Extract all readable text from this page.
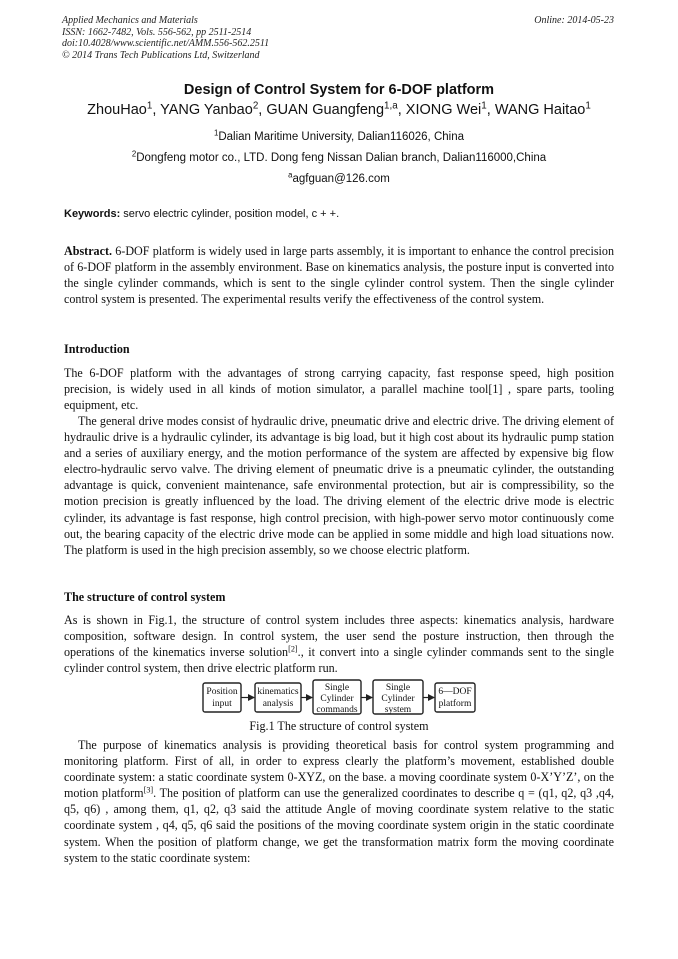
Applied Mechanics and Materials
ISSN: 1662-7482, Vols. 556-562, pp 2511-2514
doi:10.4028/www.scientific.net/AMM.556-562.2511
© 2014 Trans Tech Publications Ltd, Switzerland
Online: 2014-05-23
Design of Control System for 6-DOF platform
ZhouHao$^1$, YANG Yanbao$^2$, GUAN Guangfeng$^{1,a}$, XIONG Wei$^1$, WANG Haitao$^1$
$^1$Dalian Maritime University, Dalian116026, China
$^2$Dongfeng motor co., LTD. Dong feng Nissan Dalian branch, Dalian116000,China
$^a$agfguan@126.com
Keywords: servo electric cylinder, position model, c + +.

Abstract. 6-DOF platform is widely used in large parts assembly, it is important to enhance the control precision of 6-DOF platform in the assembly environment. Base on kinematics analysis, the posture input is converted into the single cylinder commands, which is sent to the single cylinder control system. Then the single cylinder control system is presented. The experimental results verify the effectiveness of the control system.

Introduction

The 6-DOF platform with the advantages of strong carrying capacity, fast response speed, high position precision, is widely used in all kinds of motion simulator, a parallel machine tool[1] , spare parts, tooling equipment, etc.

The general drive modes consist of hydraulic drive, pneumatic drive and electric drive. The driving element of hydraulic drive is a hydraulic cylinder, its advantage is big load, but it high cost about its hydraulic pump station and a series of auxiliary energy, and the motion performance of the system are affected by expensive big flow electro-hydraulic servo valve. The driving element of pneumatic drive is a pneumatic cylinder, the outstanding advantage is quick, convenient maintenance, safe environmental protection, but air is compressibility, so the motion precision is greatly influenced by the load. The driving element of the electric drive mode is electric cylinder, its advantage is fast response, high control precision, with high-power servo motor continuously come out, the bearing capacity of the electric drive mode can be applied in some middle and high load situations now. The platform is used in the high precision assembly, so we choose electric platform.

The structure of control system

As is shown in Fig.1, the structure of control system includes three aspects: kinematics analysis, hardware composition, software design. In control system, the user send the posture instruction, then through the operations of the kinematics inverse solution[2]., it convert into a single cylinder commands sent to the single cylinder control system, then drive electric platform run.

Position
input
kinematics
analysis
Single
Cylinder
commands
Single
Cylinder
system
6—DOF
platform
Fig.1 The structure of control system

The purpose of kinematics analysis is providing theoretical basis for control system programming and monitoring platform. First of all, in order to express clearly the platform’s movement, established double coordinate system: a static coordinate system 0-XYZ, on the base. a moving coordinate system 0-X’Y’Z’, on the motion platform[3]. The position of platform can use the generalized coordinates to describe q = (q1, q2, q3 ,q4, q5, q6) , among them, q1, q2, q3 said the attitude Angle of moving coordinate system relative to the static coordinate system , q4, q5, q6 said the positions of the moving coordinate system origin in the static coordinate system. When the position of platform change, we get the transformation matrix form the moving coordinate system to the static coordinate system:
